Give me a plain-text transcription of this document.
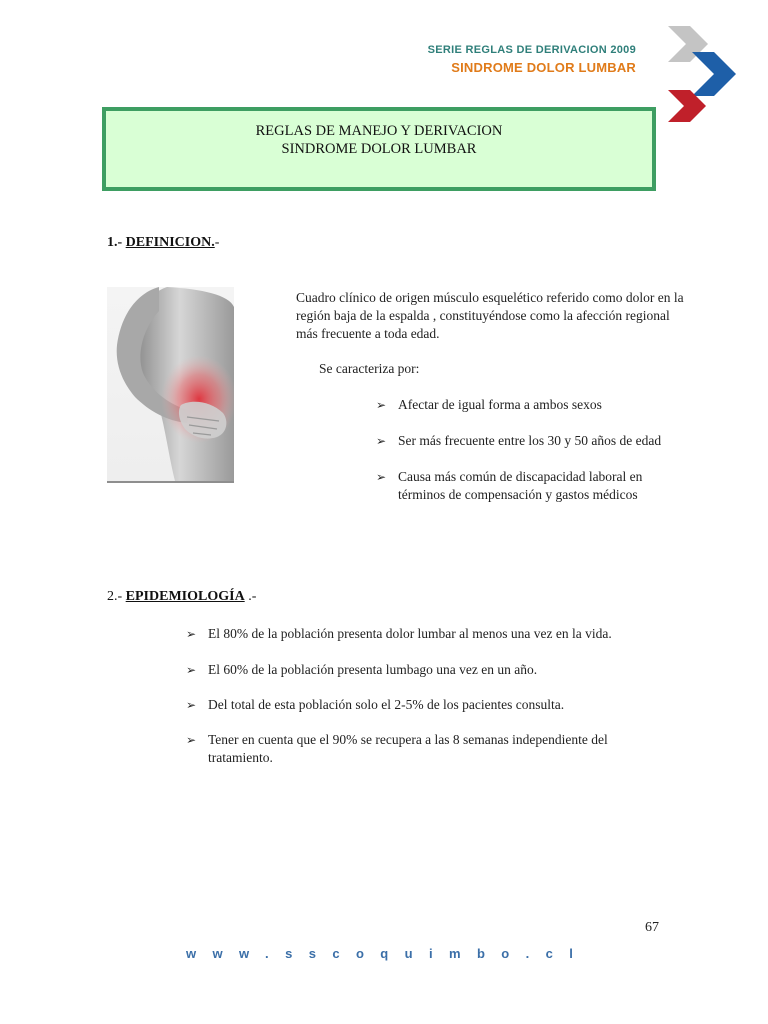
SERIE REGLAS DE DERIVACION 2009
SINDROME DOLOR LUMBAR
REGLAS DE MANEJO Y DERIVACION
SINDROME DOLOR LUMBAR
1.- DEFINICION.-
Cuadro clínico de origen músculo esquelético referido como dolor en la región baja de la espalda , constituyéndose como la afección regional más frecuente a toda edad.
Se caracteriza por:
➢ Afectar de igual forma a ambos sexos
➢ Ser más frecuente entre los 30 y 50 años de edad
➢ Causa más común de discapacidad laboral en términos de compensación y gastos médicos
2.- EPIDEMIOLOGÍA .-
➢ El 80% de la población presenta dolor lumbar al menos una vez en la vida.
➢ El 60% de la población presenta lumbago una vez en un año.
➢ Del total de esta población solo el 2-5% de los pacientes consulta.
➢ Tener en cuenta que el 90% se recupera a las 8 semanas independiente del tratamiento.
67
www.sscoquimbo.cl
